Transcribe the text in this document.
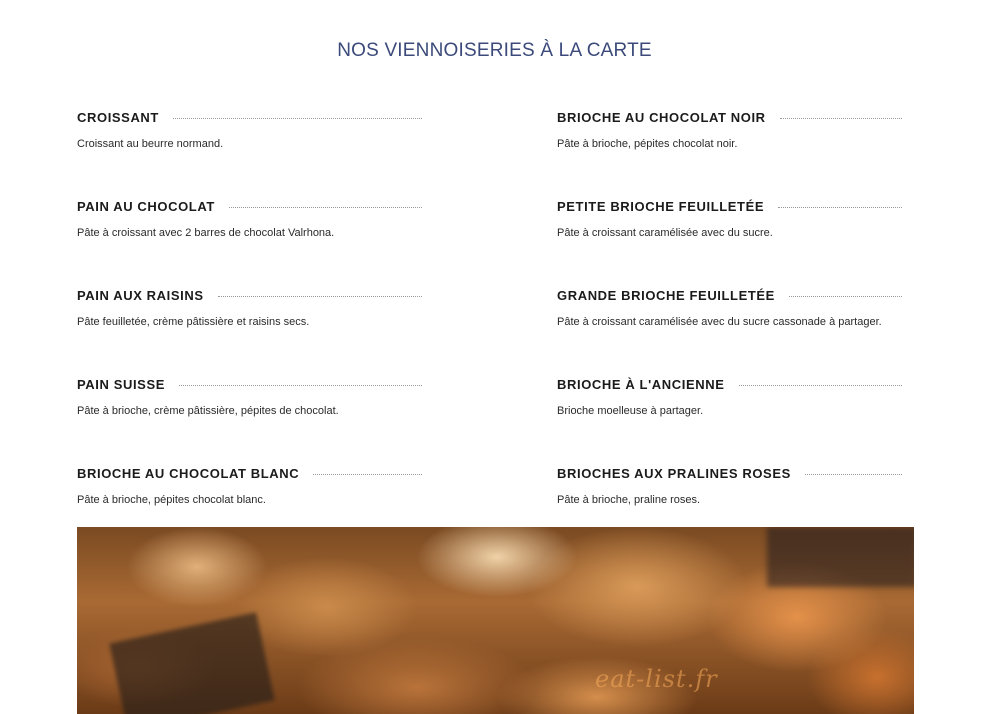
NOS VIENNOISERIES À LA CARTE
CROISSANT
Croissant au beurre normand.
PAIN AU CHOCOLAT
Pâte à croissant avec 2 barres de chocolat Valrhona.
PAIN AUX RAISINS
Pâte feuilletée, crème pâtissière et raisins secs.
PAIN SUISSE
Pâte à brioche, crème pâtissière, pépites de chocolat.
BRIOCHE AU CHOCOLAT BLANC
Pâte à brioche, pépites chocolat blanc.
BRIOCHE AU CHOCOLAT NOIR
Pâte à brioche, pépites chocolat noir.
PETITE BRIOCHE FEUILLETÉE
Pâte à croissant caramélisée avec du sucre.
GRANDE BRIOCHE FEUILLETÉE
Pâte à croissant caramélisée avec du sucre cassonade à partager.
BRIOCHE À L'ANCIENNE
Brioche moelleuse à partager.
BRIOCHES AUX PRALINES ROSES
Pâte à brioche, praline roses.
eat-list.fr
